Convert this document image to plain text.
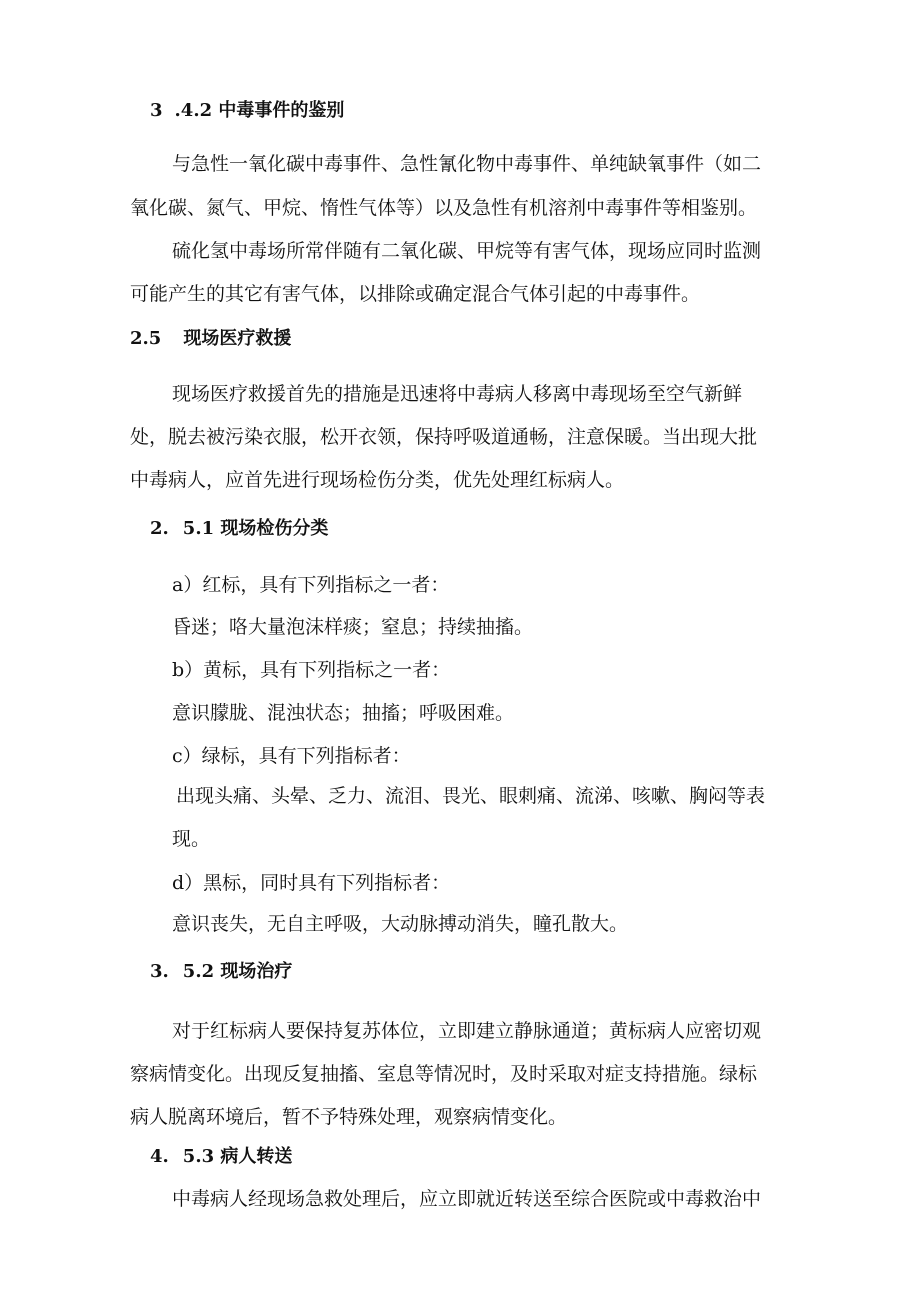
3 .4.2 中毒事件的鉴别
与急性一氧化碳中毒事件、急性氰化物中毒事件、单纯缺氧事件（如二
氧化碳、氮气、甲烷、惰性气体等）以及急性有机溶剂中毒事件等相鉴别。
硫化氢中毒场所常伴随有二氧化碳、甲烷等有害气体，现场应同时监测
可能产生的其它有害气体，以排除或确定混合气体引起的中毒事件。
2.5 现场医疗救援
现场医疗救援首先的措施是迅速将中毒病人移离中毒现场至空气新鲜
处，脱去被污染衣服，松开衣领，保持呼吸道通畅，注意保暖。当出现大批
中毒病人，应首先进行现场检伤分类，优先处理红标病人。
2. 5.1 现场检伤分类
a）红标，具有下列指标之一者：
昏迷；咯大量泡沫样痰；窒息；持续抽搐。
b）黄标，具有下列指标之一者：
意识朦胧、混浊状态；抽搐；呼吸困难。
c）绿标，具有下列指标者：
出现头痛、头晕、乏力、流泪、畏光、眼刺痛、流涕、咳嗽、胸闷等表
现。
d）黑标，同时具有下列指标者：
意识丧失，无自主呼吸，大动脉搏动消失，瞳孔散大。
3. 5.2 现场治疗
对于红标病人要保持复苏体位，立即建立静脉通道；黄标病人应密切观
察病情变化。出现反复抽搐、室息等情况时，及时采取对症支持措施。绿标
病人脱离环境后，暂不予特殊处理，观察病情变化。
4. 5.3 病人转送
中毒病人经现场急救处理后，应立即就近转送至综合医院或中毒救治中
